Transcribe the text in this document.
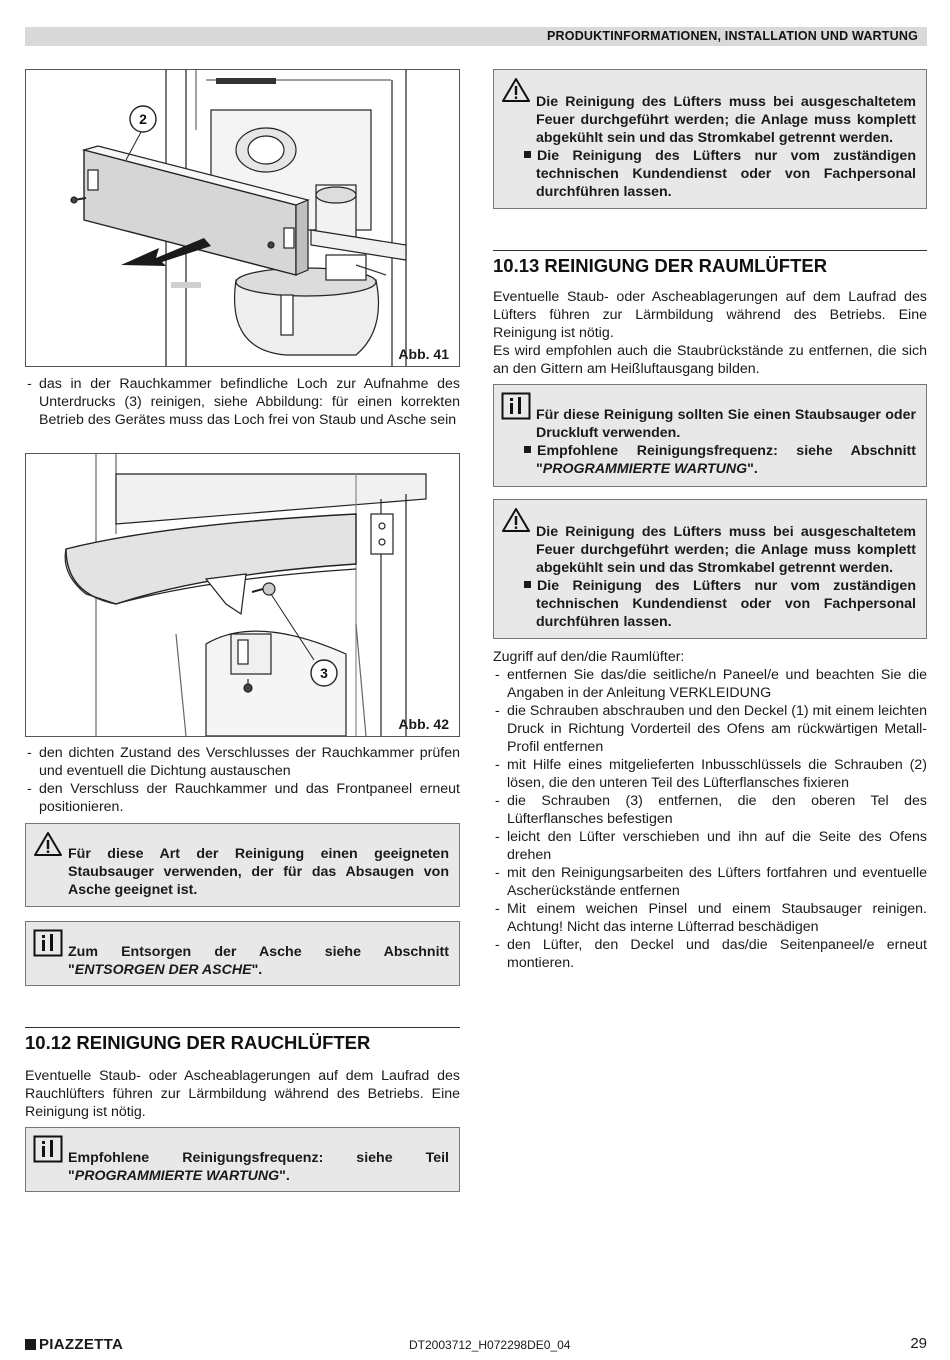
PRODUKTINFORMATIONEN, INSTALLATION UND WARTUNG
2
Abb. 41
- das in der Rauchkammer befindliche Loch zur Aufnahme des Unterdrucks (3) reinigen, siehe Abbildung: für einen korrekten Betrieb des Gerätes muss das Loch frei von Staub und Asche sein
3
Abb. 42
- den dichten Zustand des Verschlusses der Rauchkammer prüfen und eventuell die Dichtung austauschen
- den Verschluss der Rauchkammer und das Frontpaneel erneut positionieren.
Für diese Art der Reinigung einen geeigneten Staubsauger verwenden, der für das Absaugen von Asche geeignet ist.
Zum Entsorgen der Asche siehe Abschnitt "ENTSORGEN DER ASCHE".
10.12 REINIGUNG DER RAUCHLÜFTER

Eventuelle Staub- oder Ascheablagerungen auf dem Laufrad des Rauchlüfters führen zur Lärmbildung während des Betriebs. Eine Reinigung ist nötig.

Empfohlene Reinigungsfrequenz: siehe Teil "PROGRAMMIERTE WARTUNG".
Die Reinigung des Lüfters muss bei ausgeschaltetem Feuer durchgeführt werden; die Anlage muss komplett abgekühlt sein und das Stromkabel getrennt werden.
Die Reinigung des Lüfters nur vom zuständigen technischen Kundendienst oder von Fachpersonal durchführen lassen.
10.13 REINIGUNG DER RAUMLÜFTER

Eventuelle Staub- oder Ascheablagerungen auf dem Laufrad des Lüfters führen zur Lärmbildung während des Betriebs. Eine Reinigung ist nötig.

Es wird empfohlen auch die Staubrückstände zu entfernen, die sich an den Gittern am Heißluftausgang bilden.

Für diese Reinigung sollten Sie einen Staubsauger oder Druckluft verwenden.
Empfohlene Reinigungsfrequenz: siehe Abschnitt "PROGRAMMIERTE WARTUNG".
Die Reinigung des Lüfters muss bei ausgeschaltetem Feuer durchgeführt werden; die Anlage muss komplett abgekühlt sein und das Stromkabel getrennt werden.
Die Reinigung des Lüfters nur vom zuständigen technischen Kundendienst oder von Fachpersonal durchführen lassen.

Zugriff auf den/die Raumlüfter:

- entfernen Sie das/die seitliche/n Paneel/e und beachten Sie die Angaben in der Anleitung VERKLEIDUNG
- die Schrauben abschrauben und den Deckel (1) mit einem leichten Druck in Richtung Vorderteil des Ofens am rückwärtigen Metall-Profil entfernen
- mit Hilfe eines mitgelieferten Inbusschlüssels die Schrauben (2) lösen, die den unteren Teil des Lüfterflansches fixieren
- die Schrauben (3) entfernen, die den oberen Tel des Lüfterflansches befestigen
- leicht den Lüfter verschieben und ihn auf die Seite des Ofens drehen
- mit den Reinigungsarbeiten des Lüfters fortfahren und eventuelle Ascherückstände entfernen
- Mit einem weichen Pinsel und einem Staubsauger reinigen. Achtung! Nicht das interne Lüfterrad beschädigen
- den Lüfter, den Deckel und das/die Seitenpaneel/e erneut montieren.
PIAZZETTA	DT2003712_H072298DE0_04	29
